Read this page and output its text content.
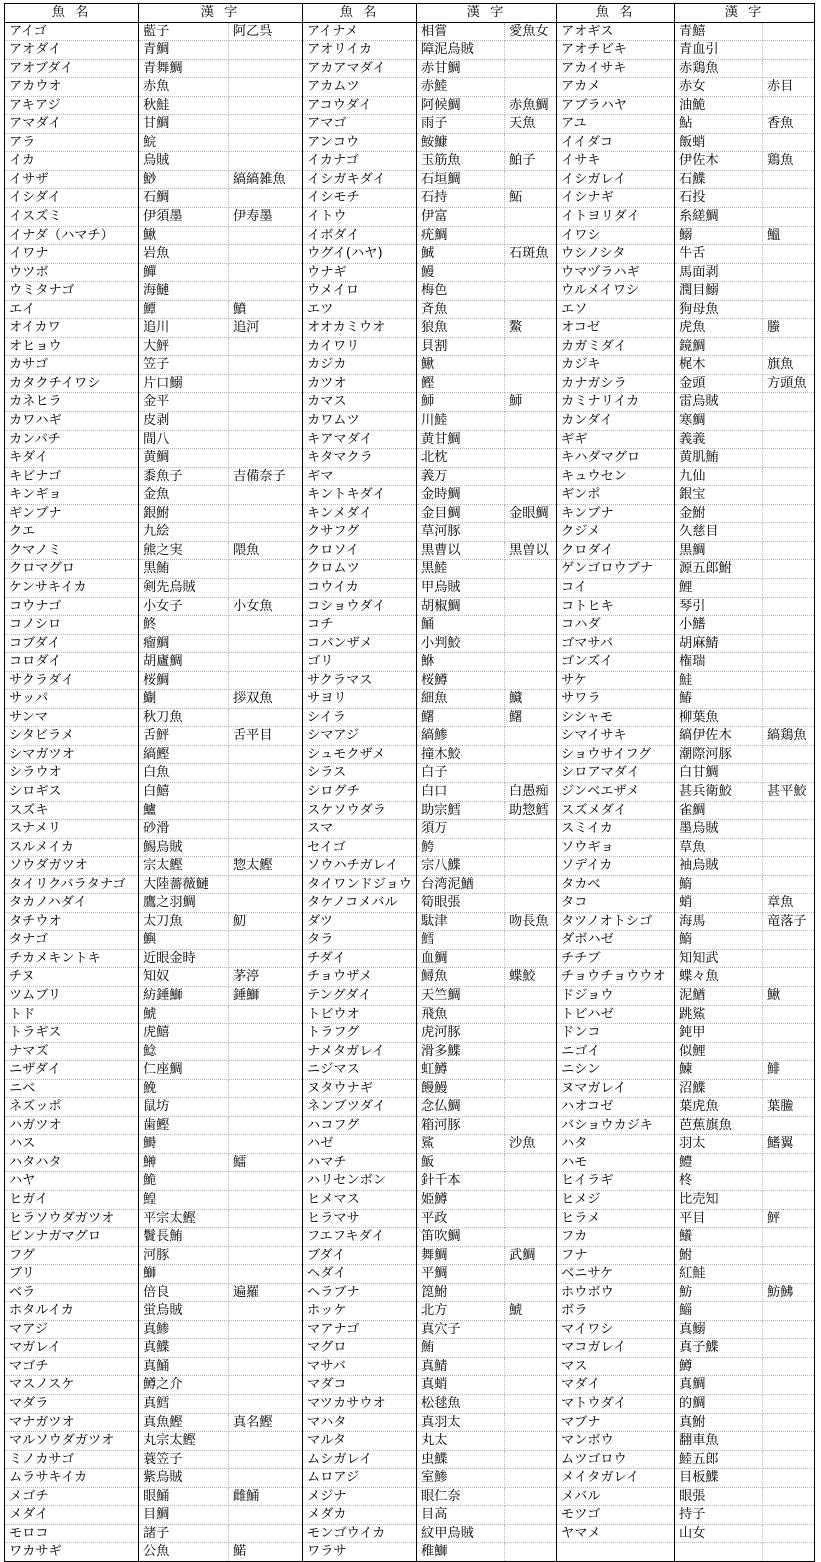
魚 名	漢 字		魚 名	漢 字		魚 名	漢 字	
アイゴ	藍子	阿乙呉	アイナメ	相嘗	愛魚女	アオギス	青鱚	
アオダイ	青鯛		アオリイカ	障泥烏賊		アオチビキ	青血引	
アオブダイ	青舞鯛		アカアマダイ	赤甘鯛		アカイサキ	赤鶏魚	
アカウオ	赤魚		アカムツ	赤鯥		アカメ	赤女	赤目
アキアジ	秋鮭		アコウダイ	阿候鯛	赤魚鯛	アブラハヤ	油鮠	
アマダイ	甘鯛		アマゴ	雨子	天魚	アユ	鮎	香魚
アラ	鯇		アンコウ	鮟鱇		イイダコ	飯蛸	
イカ	烏賊		イカナゴ	玉筋魚	鮊子	イサキ	伊佐木	鶏魚
イサザ	鯋	縞縞雑魚	イシガキダイ	石垣鯛		イシガレイ	石鰈	
イシダイ	石鯛		イシモチ	石持	鮖	イシナギ	石投	
イスズミ	伊須墨	伊寿墨	イトウ	伊富		イトヨリダイ	糸縒鯛	
イナダ（ハマチ）	鰍		イボダイ	疣鯛		イワシ	鰯	鰮
イワナ	岩魚		ウグイ(ハヤ)	鯎	石斑魚	ウシノシタ	牛舌	
ウツボ	鱓		ウナギ	鰻		ウマヅラハギ	馬面剥	
ウミタナゴ	海鰱		ウメイロ	梅色		ウルメイワシ	潤目鰯	
エイ	鱏	鱝	エツ	斉魚		エソ	狗母魚	
オイカワ	追川	追河	オオカミウオ	狼魚	鰲	オコゼ	虎魚	螣
オヒョウ	大鮃		カイワリ	貝割		カガミダイ	鏡鯛	
カサゴ	笠子		カジカ	鰍		カジキ	梶木	旗魚
カタクチイワシ	片口鰯		カツオ	鰹		カナガシラ	金頭	方頭魚
カネヒラ	金平		カマス	魳	魳	カミナリイカ	雷烏賊	
カワハギ	皮剥		カワムツ	川鯥		カンダイ	寒鯛	
カンパチ	間八		キアマダイ	黄甘鯛		ギギ	義義	
キダイ	黄鯛		キタマクラ	北枕		キハダマグロ	黄肌鮪	
キビナゴ	黍魚子	吉備奈子	ギマ	義万		キュウセン	九仙	
キンギョ	金魚		キントキダイ	金時鯛		ギンポ	銀宝	
ギンブナ	銀鮒		キンメダイ	金目鯛	金眼鯛	キンブナ	金鮒	
クエ	九絵		クサフグ	草河豚		クジメ	久慈目	
クマノミ	熊之実	隈魚	クロソイ	黒曹以	黒曽以	クロダイ	黒鯛	
クロマグロ	黒鮪		クロムツ	黒鯥		ゲンゴロウブナ	源五郎鮒	
ケンサキイカ	剣先烏賊		コウイカ	甲烏賊		コイ	鯉	
コウナゴ	小女子	小女魚	コショウダイ	胡椒鯛		コトヒキ	琴引	
コノシロ	鮗		コチ	鯒		コハダ	小鰭	
コブダイ	瘤鯛		コバンザメ	小判鮫		ゴマサバ	胡麻鯖	
コロダイ	胡廬鯛		ゴリ	鮴		ゴンズイ	権瑞	
サクラダイ	桜鯛		サクラマス	桜鱒		サケ	鮭	
サッパ	鯯	拶双魚	サヨリ	細魚	鱵	サワラ	鰆	
サンマ	秋刀魚		シイラ	鱰	鱰	シシャモ	柳葉魚	
シタビラメ	舌鮃	舌平目	シマアジ	縞鯵		シマイサキ	縞伊佐木	縞鶏魚
シマガツオ	縞鰹		シュモクザメ	撞木鮫		ショウサイフグ	潮際河豚	
シラウオ	白魚		シラス	白子		シロアマダイ	白甘鯛	
シロギス	白鱚		シログチ	白口	白愚痴	ジンベエザメ	甚兵衛鮫	甚平鮫
スズキ	鱸		スケソウダラ	助宗鱈	助惣鱈	スズメダイ	雀鯛	
スナメリ	砂滑		スマ	須万		スミイカ	墨烏賊	
スルメイカ	鯣烏賊		セイゴ	鮬		ソウギョ	草魚	
ソウダガツオ	宗太鰹	惣太鰹	ソウハチガレイ	宗八鰈		ソデイカ	袖烏賊	
タイリクバラタナゴ	大陸薔薇鰱		タイワンドジョウ	台湾泥鰌		タカベ	鰖	
タカノハダイ	鷹之羽鯛		タケノコメバル	筍眼張		タコ	蛸	章魚
タチウオ	太刀魚	魛	ダツ	駄津	吻長魚	タツノオトシゴ	海馬	竜落子
タナゴ	鱮		タラ	鱈		ダボハゼ	鰖	
チカメキントキ	近眼金時		チダイ	血鯛		チチブ	知知武	
チヌ	知奴	茅渟	チョウザメ	鱘魚	蝶鮫	チョウチョウウオ	蝶々魚	
ツムブリ	紡錘鰤	錘鰤	テングダイ	天竺鯛		ドジョウ	泥鰌	鰍
トド	鯱		トビウオ	飛魚		トビハゼ	跳鯊	
トラギス	虎鱚		トラフグ	虎河豚		ドンコ	鈍甲	
ナマズ	鯰		ナメタガレイ	滑多鰈		ニゴイ	似鯉	
ニザダイ	仁座鯛		ニジマス	虹鱒		ニシン	鰊	鯡
ニベ	鮸		ヌタウナギ	饅鰻		ヌマガレイ	沼鰈	
ネズッポ	鼠坊		ネンブツダイ	念仏鯛		ハオコゼ	葉虎魚	葉䲢
ハガツオ	歯鰹		ハコフグ	箱河豚		バショウカジキ	芭蕉旗魚	
ハス	鰣		ハゼ	鯊	沙魚	ハタ	羽太	鰭翼
ハタハタ	鰰	鱩	ハマチ	魬		ハモ	鱧	
ハヤ	鮠		ハリセンボン	針千本		ヒイラギ	柊	
ヒガイ	鰉		ヒメマス	姫鱒		ヒメジ	比売知	
ヒラソウダガツオ	平宗太鰹		ヒラマサ	平政		ヒラメ	平目	鮃
ビンナガマグロ	鬢長鮪		フエフキダイ	笛吹鯛		フカ	鱶	
フグ	河豚		ブダイ	舞鯛	武鯛	フナ	鮒	
ブリ	鰤		ヘダイ	平鯛		ベニサケ	紅鮭	
ベラ	倍良	遍羅	ヘラブナ	箆鮒		ホウボウ	魴	魴鮄
ホタルイカ	蛍烏賊		ホッケ	北方	鯱	ボラ	鯔	
マアジ	真鯵		マアナゴ	真穴子		マイワシ	真鰯	
マガレイ	真鰈		マグロ	鮪		マコガレイ	真子鰈	
マゴチ	真鯒		マサバ	真鯖		マス	鱒	
マスノスケ	鱒之介		マダコ	真蛸		マダイ	真鯛	
マダラ	真鱈		マツカサウオ	松毬魚		マトウダイ	的鯛	
マナガツオ	真魚鰹	真名鰹	マハタ	真羽太		マブナ	真鮒	
マルソウダガツオ	丸宗太鰹		マルタ	丸太		マンボウ	翻車魚	
ミノカサゴ	蓑笠子		ムシガレイ	虫鰈		ムツゴロウ	鯥五郎	
ムラサキイカ	紫烏賊		ムロアジ	室鯵		メイタガレイ	目板鰈	
メゴチ	眼鯒	雌鯒	メジナ	眼仁奈		メバル	眼張	
メダイ	目鯛		メダカ	目高		モツゴ	持子	
モロコ	諸子		モンゴウイカ	紋甲烏賊		ヤマメ	山女	
ワカサギ	公魚	鰙	ワラサ	稚鰤				
